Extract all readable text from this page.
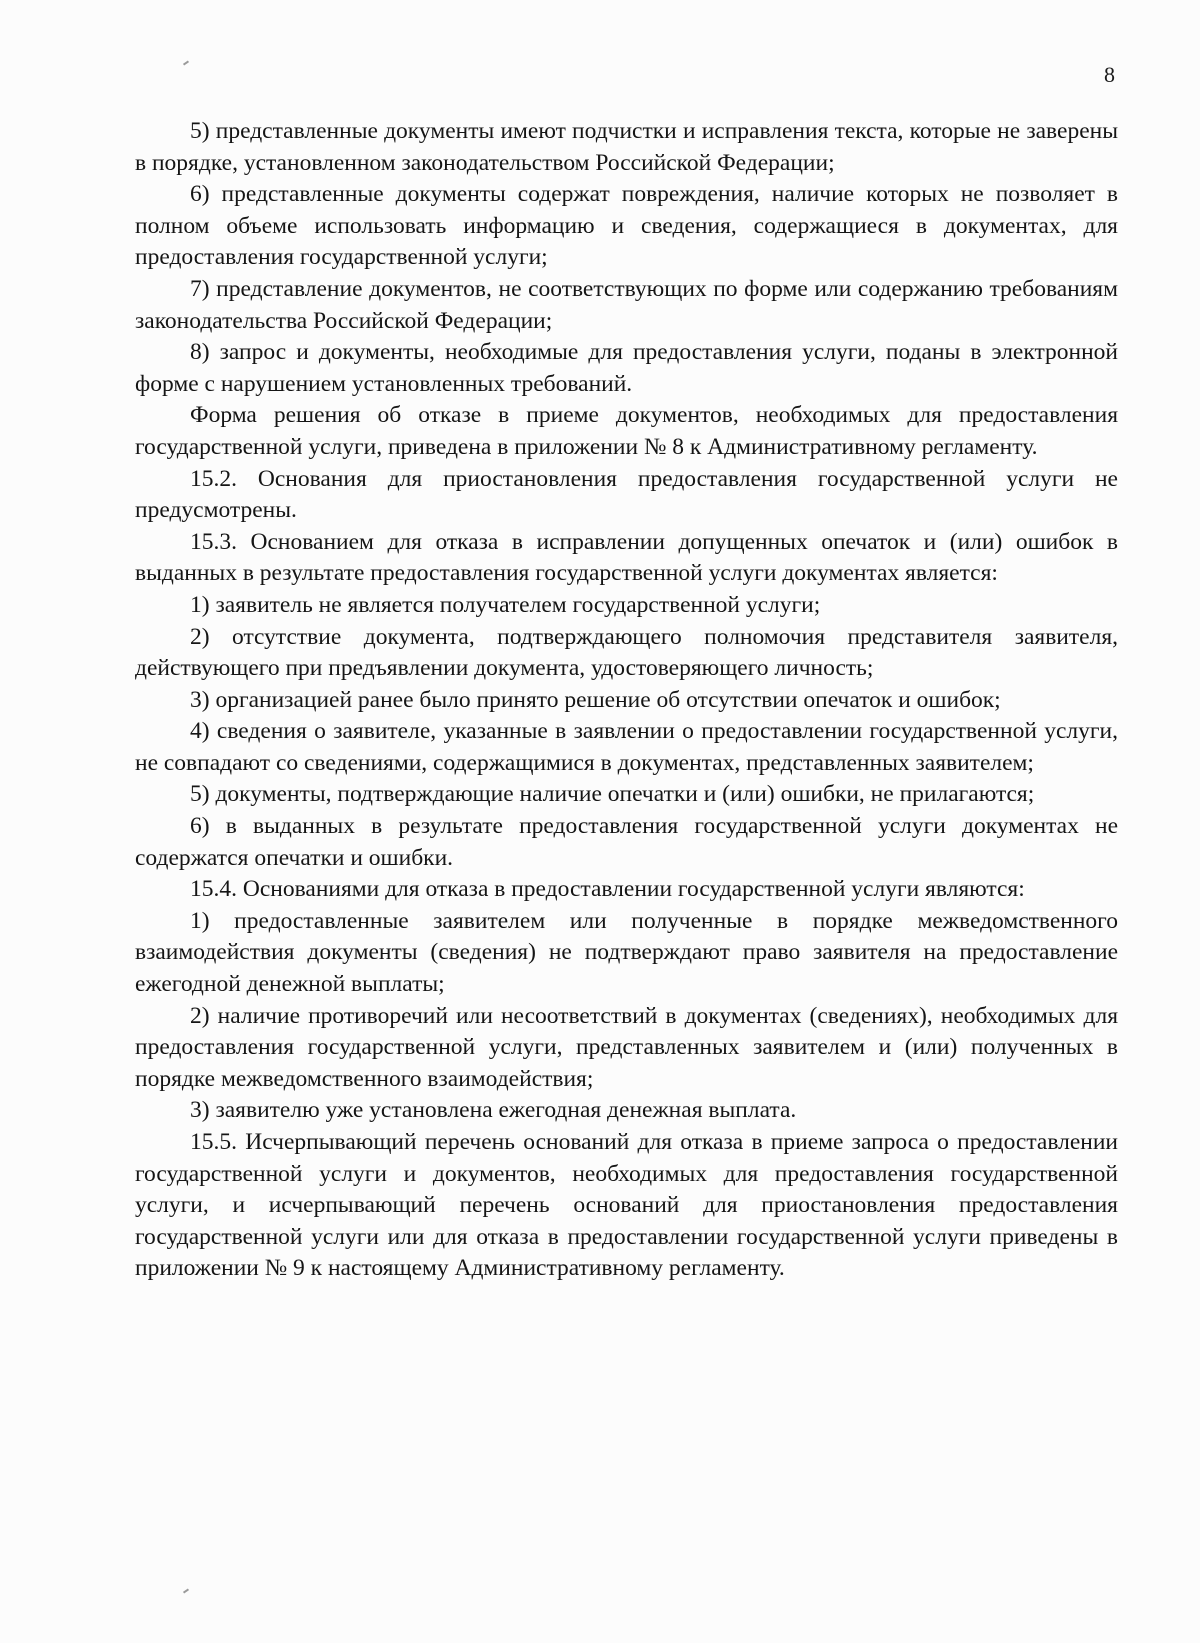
8

5) представленные документы имеют подчистки и исправления текста, которые не заверены в порядке, установленном законодательством Российской Федерации;

6) представленные документы содержат повреждения, наличие которых не позволяет в полном объеме использовать информацию и сведения, содержащиеся в документах, для предоставления государственной услуги;

7) представление документов, не соответствующих по форме или содержанию требованиям законодательства Российской Федерации;

8) запрос и документы, необходимые для предоставления услуги, поданы в электронной форме с нарушением установленных требований.

Форма решения об отказе в приеме документов, необходимых для предоставления государственной услуги, приведена в приложении № 8 к Административному регламенту.

15.2. Основания для приостановления предоставления государственной услуги не предусмотрены.

15.3. Основанием для отказа в исправлении допущенных опечаток и (или) ошибок в выданных в результате предоставления государственной услуги документах является:

1) заявитель не является получателем государственной услуги;

2) отсутствие документа, подтверждающего полномочия представителя заявителя, действующего при предъявлении документа, удостоверяющего личность;

3) организацией ранее было принято решение об отсутствии опечаток и ошибок;

4) сведения о заявителе, указанные в заявлении о предоставлении государственной услуги, не совпадают со сведениями, содержащимися в документах, представленных заявителем;

5) документы, подтверждающие наличие опечатки и (или) ошибки, не прилагаются;

6) в выданных в результате предоставления государственной услуги документах не содержатся опечатки и ошибки.

15.4. Основаниями для отказа в предоставлении государственной услуги являются:

1) предоставленные заявителем или полученные в порядке межведомственного взаимодействия документы (сведения) не подтверждают право заявителя на предоставление ежегодной денежной выплаты;

2) наличие противоречий или несоответствий в документах (сведениях), необходимых для предоставления государственной услуги, представленных заявителем и (или) полученных в порядке межведомственного взаимодействия;

3) заявителю уже установлена ежегодная денежная выплата.

15.5. Исчерпывающий перечень оснований для отказа в приеме запроса о предоставлении государственной услуги и документов, необходимых для предоставления государственной услуги, и исчерпывающий перечень оснований для приостановления предоставления государственной услуги или для отказа в предоставлении государственной услуги приведены в приложении № 9 к настоящему Административному регламенту.
